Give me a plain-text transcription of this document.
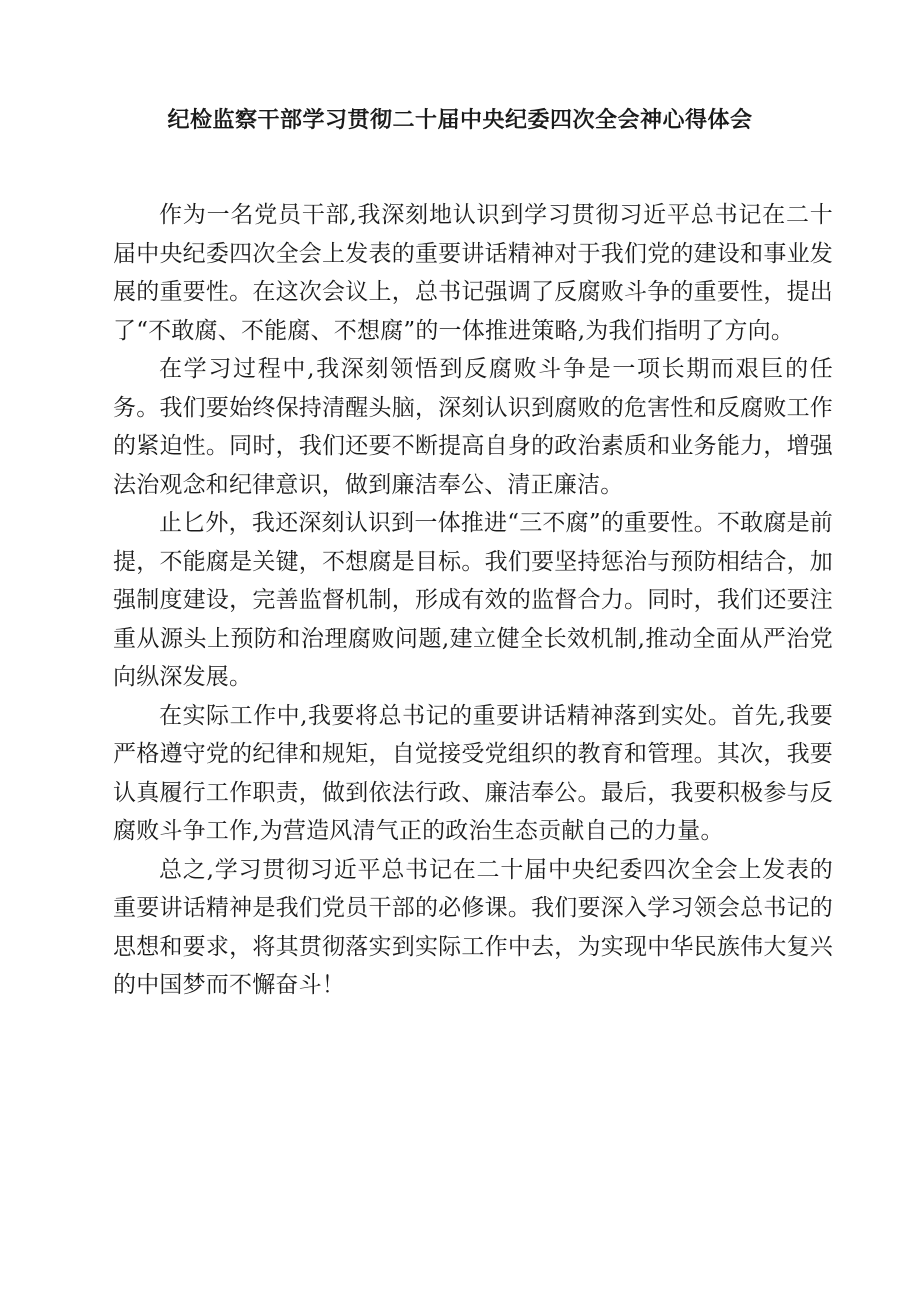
纪检监察干部学习贯彻二十届中央纪委四次全会神心得体会

作为一名党员干部,我深刻地认识到学习贯彻习近平总书记在二十届中央纪委四次全会上发表的重要讲话精神对于我们党的建设和事业发展的重要性。在这次会议上，总书记强调了反腐败斗争的重要性，提出了“不敢腐、不能腐、不想腐”的一体推进策略,为我们指明了方向。

在学习过程中,我深刻领悟到反腐败斗争是一项长期而艰巨的任务。我们要始终保持清醒头脑，深刻认识到腐败的危害性和反腐败工作的紧迫性。同时，我们还要不断提高自身的政治素质和业务能力，增强法治观念和纪律意识，做到廉洁奉公、清正廉洁。

止匕外，我还深刻认识到一体推进“三不腐”的重要性。不敢腐是前提，不能腐是关键，不想腐是目标。我们要坚持惩治与预防相结合，加强制度建设，完善监督机制，形成有效的监督合力。同时，我们还要注重从源头上预防和治理腐败问题,建立健全长效机制,推动全面从严治党向纵深发展。

在实际工作中,我要将总书记的重要讲话精神落到实处。首先,我要严格遵守党的纪律和规矩，自觉接受党组织的教育和管理。其次，我要认真履行工作职责，做到依法行政、廉洁奉公。最后，我要积极参与反腐败斗争工作,为营造风清气正的政治生态贡献自己的力量。

总之,学习贯彻习近平总书记在二十届中央纪委四次全会上发表的重要讲话精神是我们党员干部的必修课。我们要深入学习领会总书记的思想和要求，将其贯彻落实到实际工作中去，为实现中华民族伟大复兴的中国梦而不懈奋斗！
